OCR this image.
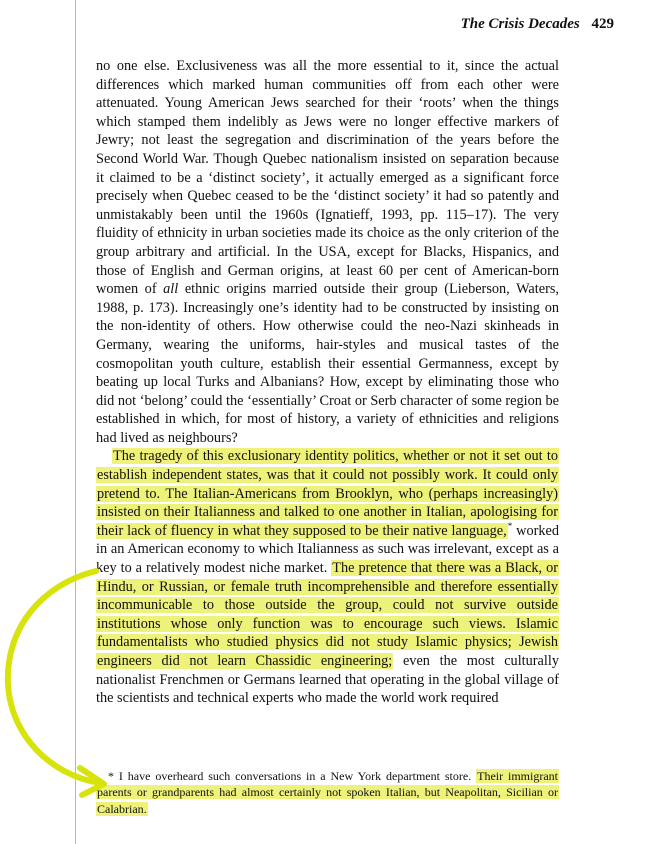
The Crisis Decades 429

no one else. Exclusiveness was all the more essential to it, since the actual differences which marked human communities off from each other were attenuated. Young American Jews searched for their ‘roots’ when the things which stamped them indelibly as Jews were no longer effective markers of Jewry; not least the segregation and discrimination of the years before the Second World War. Though Quebec nationalism insisted on separation because it claimed to be a ‘distinct society’, it actually emerged as a significant force precisely when Quebec ceased to be the ‘distinct society’ it had so patently and unmistakably been until the 1960s (Ignatieff, 1993, pp. 115–17). The very fluidity of ethnicity in urban societies made its choice as the only criterion of the group arbitrary and artificial. In the USA, except for Blacks, Hispanics, and those of English and German origins, at least 60 per cent of American-born women of all ethnic origins married outside their group (Lieberson, Waters, 1988, p. 173). Increasingly one’s identity had to be constructed by insisting on the non-identity of others. How otherwise could the neo-Nazi skinheads in Germany, wearing the uniforms, hair-styles and musical tastes of the cosmopolitan youth culture, establish their essential Germanness, except by beating up local Turks and Albanians? How, except by eliminating those who did not ‘belong’ could the ‘essentially’ Croat or Serb character of some region be established in which, for most of history, a variety of ethnicities and religions had lived as neighbours?

The tragedy of this exclusionary identity politics, whether or not it set out to establish independent states, was that it could not possibly work. It could only pretend to. The Italian-Americans from Brooklyn, who (perhaps increasingly) insisted on their Italianness and talked to one another in Italian, apologising for their lack of fluency in what they supposed to be their native language,* worked in an American economy to which Italianness as such was irrelevant, except as a key to a relatively modest niche market. The pretence that there was a Black, or Hindu, or Russian, or female truth incomprehensible and therefore essentially incommunicable to those outside the group, could not survive outside institutions whose only function was to encourage such views. Islamic fundamentalists who studied physics did not study Islamic physics; Jewish engineers did not learn Chassidic engineering; even the most culturally nationalist Frenchmen or Germans learned that operating in the global village of the scientists and technical experts who made the world work required

* I have overheard such conversations in a New York department store. Their immigrant parents or grandparents had almost certainly not spoken Italian, but Neapolitan, Sicilian or Calabrian.
